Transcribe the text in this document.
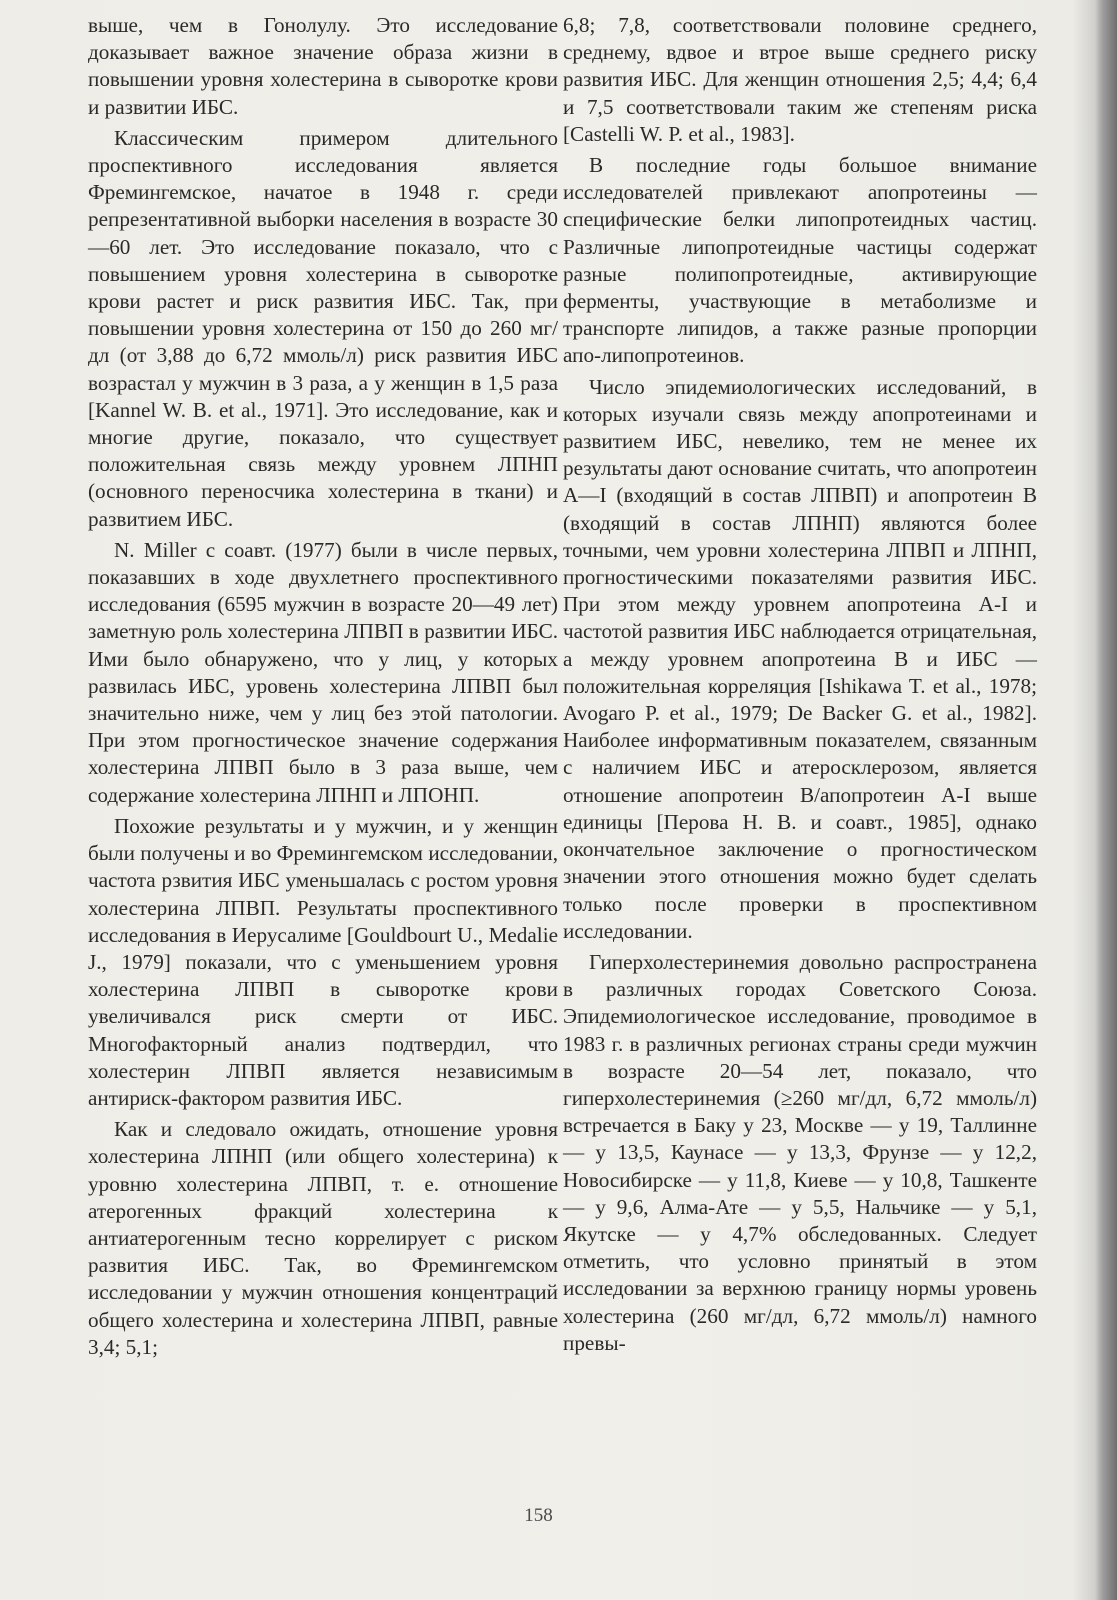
выше, чем в Гонолулу. Это исследование доказывает важное значение образа жизни в повышении уровня холестерина в сыворотке крови и развитии ИБС.

Классическим примером длительного проспективного исследования является Фремингемское, начатое в 1948 г. среди репрезентативной выборки населения в возрасте 30—60 лет. Это исследование показало, что с повышением уровня холестерина в сыворотке крови растет и риск развития ИБС. Так, при повышении уровня холестерина от 150 до 260 мг/дл (от 3,88 до 6,72 ммоль/л) риск развития ИБС возрастал у мужчин в 3 раза, а у женщин в 1,5 раза [Kannel W. B. et al., 1971]. Это исследование, как и многие другие, показало, что существует положительная связь между уровнем ЛПНП (основного переносчика холестерина в ткани) и развитием ИБС.

N. Miller с соавт. (1977) были в числе первых, показавших в ходе двухлетнего проспективного исследования (6595 мужчин в возрасте 20—49 лет) заметную роль холестерина ЛПВП в развитии ИБС. Ими было обнаружено, что у лиц, у которых развилась ИБС, уровень холестерина ЛПВП был значительно ниже, чем у лиц без этой патологии. При этом прогностическое значение содержания холестерина ЛПВП было в 3 раза выше, чем содержание холестерина ЛПНП и ЛПОНП.

Похожие результаты и у мужчин, и у женщин были получены и во Фремингемском исследовании, частота рзвития ИБС уменьшалась с ростом уровня холестерина ЛПВП. Результаты проспективного исследования в Иерусалиме [Gouldbourt U., Medalie J., 1979] показали, что с уменьшением уровня холестерина ЛПВП в сыворотке крови увеличивался риск смерти от ИБС. Многофакторный анализ подтвердил, что холестерин ЛПВП является независимым антириск-фактором развития ИБС.

Как и следовало ожидать, отношение уровня холестерина ЛПНП (или общего холестерина) к уровню холестерина ЛПВП, т. е. отношение атерогенных фракций холестерина к антиатерогенным тесно коррелирует с риском развития ИБС. Так, во Фремингемском исследовании у мужчин отношения концентраций общего холестерина и холестерина ЛПВП, равные 3,4; 5,1;

6,8; 7,8, соответствовали половине среднего, среднему, вдвое и втрое выше среднего риску развития ИБС. Для женщин отношения 2,5; 4,4; 6,4 и 7,5 соответствовали таким же степеням риска [Castelli W. P. et al., 1983].

В последние годы большое внимание исследователей привлекают апопротеины — специфические белки липопротеидных частиц. Различные липопротеидные частицы содержат разные полипопротеидные, активирующие ферменты, участвующие в метаболизме и транспорте липидов, а также разные пропорции апо-липопротеинов.

Число эпидемиологических исследований, в которых изучали связь между апопротеинами и развитием ИБС, невелико, тем не менее их результаты дают основание считать, что апопротеин А—I (входящий в состав ЛПВП) и апопротеин В (входящий в состав ЛПНП) являются более точными, чем уровни холестерина ЛПВП и ЛПНП, прогностическими показателями развития ИБС. При этом между уровнем апопротеина А-I и частотой развития ИБС наблюдается отрицательная, а между уровнем апопротеина В и ИБС — положительная корреляция [Ishikawa T. et al., 1978; Avogaro P. et al., 1979; De Backer G. et al., 1982]. Наиболее информативным показателем, связанным с наличием ИБС и атеросклерозом, является отношение апопротеин В/апопротеин А-I выше единицы [Перова Н. В. и соавт., 1985], однако окончательное заключение о прогностическом значении этого отношения можно будет сделать только после проверки в проспективном исследовании.

Гиперхолестеринемия довольно распространена в различных городах Советского Союза. Эпидемиологическое исследование, проводимое в 1983 г. в различных регионах страны среди мужчин в возрасте 20—54 лет, показало, что гиперхолестеринемия (≥260 мг/дл, 6,72 ммоль/л) встречается в Баку у 23, Москве — у 19, Таллинне — у 13,5, Каунасе — у 13,3, Фрунзе — у 12,2, Новосибирске — у 11,8, Киеве — у 10,8, Ташкенте — у 9,6, Алма-Ате — у 5,5, Нальчике — у 5,1, Якутске — у 4,7% обследованных. Следует отметить, что условно принятый в этом исследовании за верхнюю границу нормы уровень холестерина (260 мг/дл, 6,72 ммоль/л) намного превы-

158
